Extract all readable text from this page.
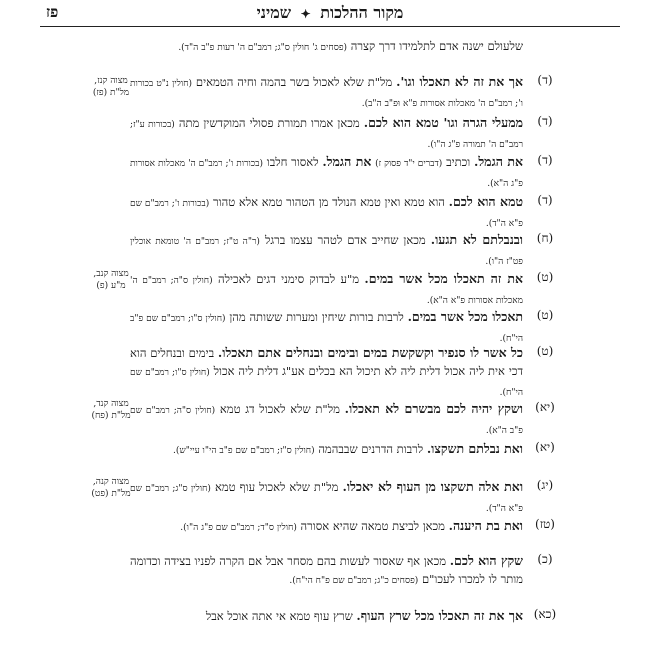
מקור ההלכות ✦ שמיני
פז
שלעולם ישנה אדם לתלמידו דרך קצרה (פסחים ג' חולין ס"ג; רמב"ם ה' רעות פ"ב ה"ד).
(ד)
אך את זה לא תאכלו וגו'. מל"ת שלא לאכול בשר בהמה וחיה הטמאים (חולין נ"ט בכורות ו'; רמב"ם ה' מאכלות אסורות פ"א וּפ"ב ה"ב).
(ד)
ממעלי הגרה וגו' טמא הוא לכם. מכאן אמרו תמורת פסולי המוקדשין מתה (בכורות ע"ז; רמב"ם ה' תמורה פ"ג ה"ו).
(ד)
את הגמל. וכתיב (דברים י"ד פסוק ז) את הגמל. לאסור חלבו (בכורות ו'; רמב"ם ה' מאכלות אסורות פ"ג ה"א).
(ד)
טמא הוא לכם. הוא טמא ואין טמא הנולד מן הטהור טמא אלא טהור (בכורות ו'; רמב"ם שם פ"א ה"ד).
(ח)
ובנבלתם לא תגעו. מכאן שחייב אדם לטהר עצמו ברגל (ר"ה ט"ז; רמב"ם ה' טומאת אוכלין פט"ז ה"ו).
(ט)
מצוה קנב, מ"ע (פ)	את זה תאכלו מכל אשר במים. מ"ע לבדוק סימני דגים לאכילה (חולין ס"ה; רמב"ם ה' מאכלות אסורות פ"א ה"א).
(ט)
תאכלו מכל אשר במים. לרבות בורות שיחין ומערות ששותה מהן (חולין ס"ו; רמב"ם שם פ"ב הי"ח).
(ט)
כל אשר לו סנפיר וקשקשת במים ובימים ובנחלים אתם תאכלו. בימים ובנחלים הוא דכי אית ליה אכול דלית ליה לא תיכול הא בכלים אע"ג דלית ליה אכול (חולין ס"ו; רמב"ם שם הי"ח).
(יא)
מצוה קנד, מל"ת (פח)	ושקץ יהיה לכם מבשרם לא תאכלו. מל"ת שלא לאכול דג טמא (חולין ס"ה; רמב"ם שם פ"ב ה"א).
(יא)
ואת נבלתם תשקצו. לרבות הדרנים שבבהמה (חולין ס"ז; רמב"ם שם פ"ב הי"ו עיי"ש).
(יג)
מצוה קנה, מל"ת (פט)	ואת אלה תשקצו מן העוף לא יאכלו. מל"ת שלא לאכול עוף טמא (חולין ס"ג; רמב"ם שם פ"א ה"ד).
(טז)
ואת בת היענה. מכאן לביצת טמאה שהיא אסורה (חולין ס"ד; רמב"ם שם פ"ג ה"ו).
(כ)
שקץ הוא לכם. מכאן אף שאסור לעשות בהם מסחר אבל אם הקרה לפניו בצידה וכדומה מותר לו למכרו לעכו"ם (פסחים כ"ג; רמב"ם שם פ"ח הי"ח).
(כא)
אך את זה תאכלו מכל שרץ העוף. שרץ עוף טמא אי אתה אוכל אבל
מצוה קנז, מל"ת (פז)
